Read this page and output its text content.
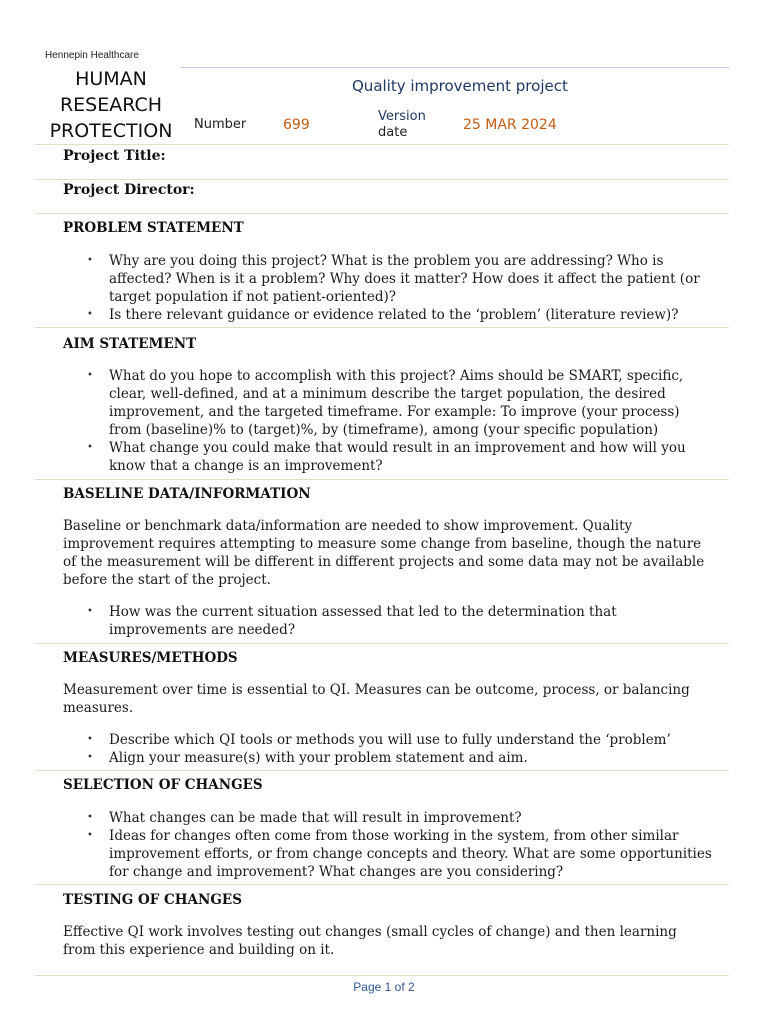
Hennepin Healthcare
HUMAN
RESEARCH
PROTECTION
Quality improvement project
Number	699
Version
date	25 MAR 2024
Project Title:
Project Director:
PROBLEM STATEMENT
• Why are you doing this project? What is the problem you are addressing? Who is affected? When is it a problem? Why does it matter? How does it affect the patient (or target population if not patient-oriented)?
• Is there relevant guidance or evidence related to the ‘problem’ (literature review)?
AIM STATEMENT
• What do you hope to accomplish with this project? Aims should be SMART, specific, clear, well-defined, and at a minimum describe the target population, the desired improvement, and the targeted timeframe. For example: To improve (your process) from (baseline)% to (target)%, by (timeframe), among (your specific population)
• What change you could make that would result in an improvement and how will you know that a change is an improvement?
BASELINE DATA/INFORMATION
Baseline or benchmark data/information are needed to show improvement. Quality improvement requires attempting to measure some change from baseline, though the nature of the measurement will be different in different projects and some data may not be available before the start of the project.
• How was the current situation assessed that led to the determination that improvements are needed?
MEASURES/METHODS
Measurement over time is essential to QI. Measures can be outcome, process, or balancing measures.
• Describe which QI tools or methods you will use to fully understand the ‘problem’
• Align your measure(s) with your problem statement and aim.
SELECTION OF CHANGES
• What changes can be made that will result in improvement?
• Ideas for changes often come from those working in the system, from other similar improvement efforts, or from change concepts and theory. What are some opportunities for change and improvement? What changes are you considering?
TESTING OF CHANGES
Effective QI work involves testing out changes (small cycles of change) and then learning from this experience and building on it.
Page 1 of 2
